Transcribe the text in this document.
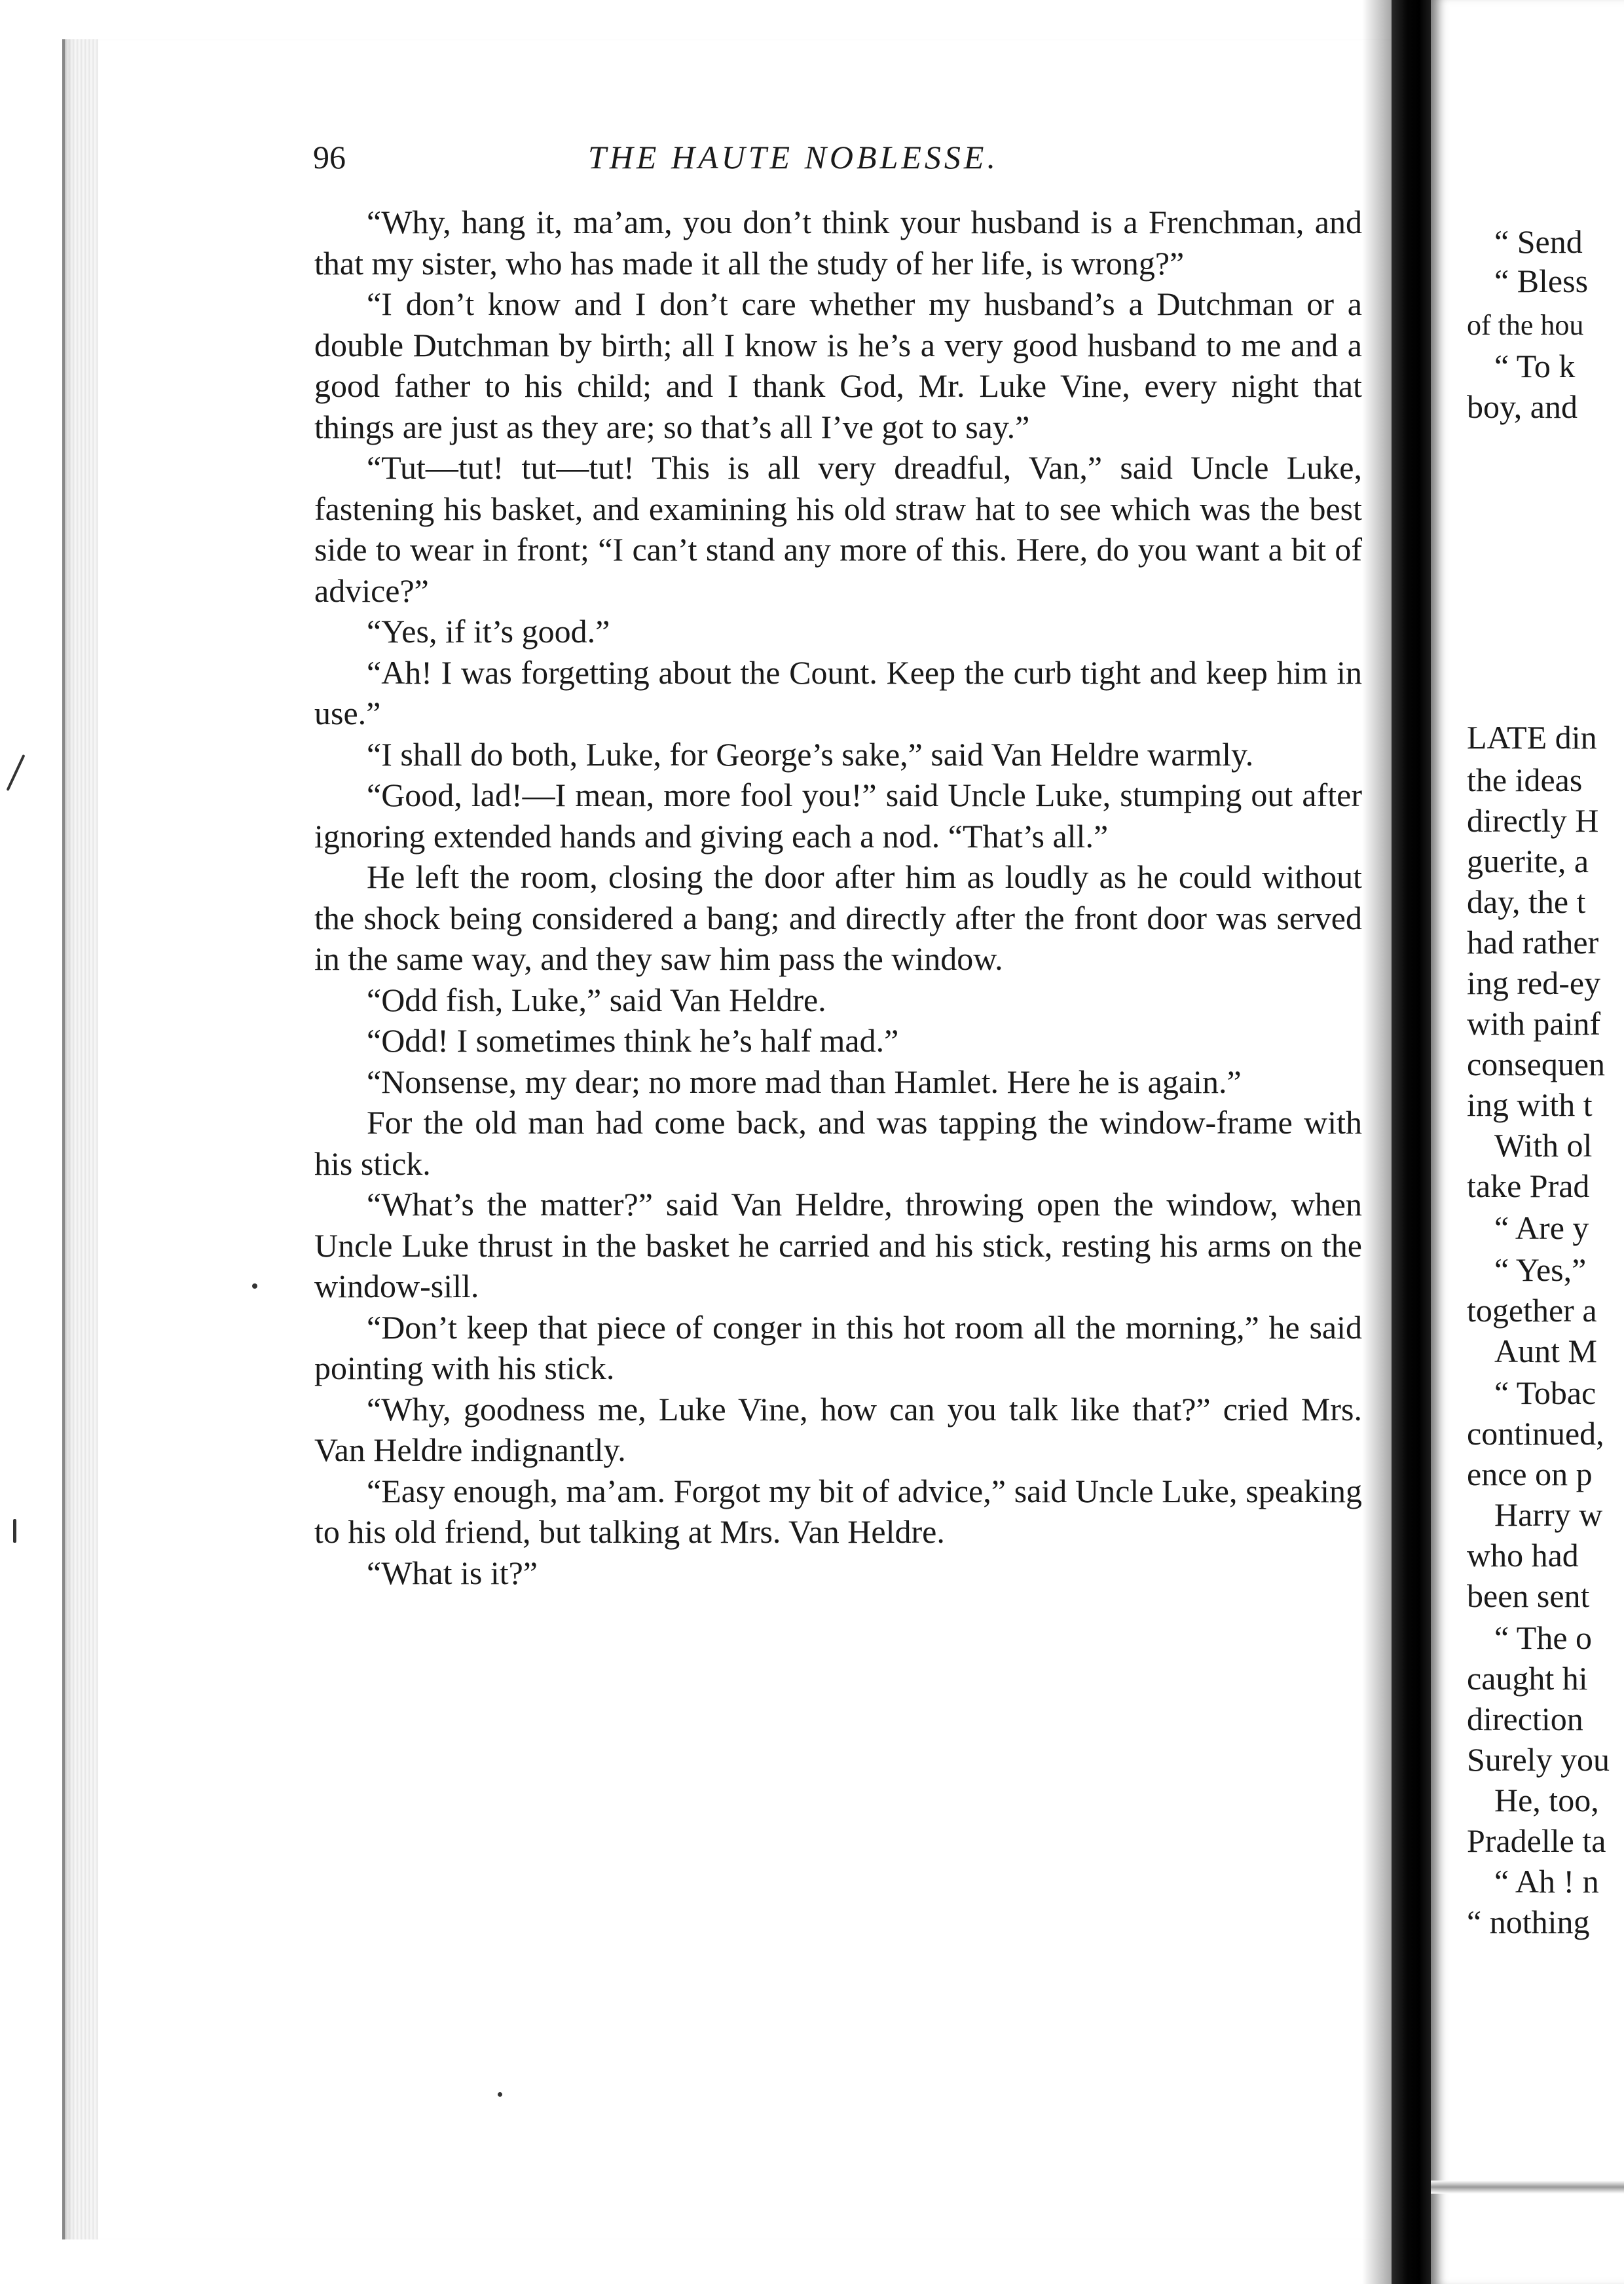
96	THE HAUTE NOBLESSE.

“Why, hang it, ma’am, you don’t think your husband is a Frenchman, and that my sister, who has made it all the study of her life, is wrong?”

“I don’t know and I don’t care whether my husband’s a Dutchman or a double Dutchman by birth; all I know is he’s a very good husband to me and a good father to his child; and I thank God, Mr. Luke Vine, every night that things are just as they are; so that’s all I’ve got to say.”

“Tut—tut! tut—tut! This is all very dreadful, Van,” said Uncle Luke, fastening his basket, and examining his old straw hat to see which was the best side to wear in front; “I can’t stand any more of this. Here, do you want a bit of advice?”

“Yes, if it’s good.”

“Ah! I was forgetting about the Count. Keep the curb tight and keep him in use.”

“I shall do both, Luke, for George’s sake,” said Van Heldre warmly.

“Good, lad!—I mean, more fool you!” said Uncle Luke, stumping out after ignoring extended hands and giving each a nod. “That’s all.”

He left the room, closing the door after him as loudly as he could without the shock being considered a bang; and directly after the front door was served in the same way, and they saw him pass the window.

“Odd fish, Luke,” said Van Heldre.

“Odd! I sometimes think he’s half mad.”

“Nonsense, my dear; no more mad than Hamlet. Here he is again.”

For the old man had come back, and was tapping the window-frame with his stick.

“What’s the matter?” said Van Heldre, throwing open the window, when Uncle Luke thrust in the basket he carried and his stick, resting his arms on the window-sill.

“Don’t keep that piece of conger in this hot room all the morning,” he said pointing with his stick.

“Why, goodness me, Luke Vine, how can you talk like that?” cried Mrs. Van Heldre indignantly.

“Easy enough, ma’am. Forgot my bit of advice,” said Uncle Luke, speaking to his old friend, but talking at Mrs. Van Heldre.

“What is it?”

“ Send
“ Bless
of the hou
“ To k
boy, and
LATE din
the ideas
directly H
guerite, a
day, the t
had rather
ing red-ey
with painf
consequen
ing with t
With ol
take Prad
“ Are y
“ Yes,”
together a
Aunt M
“ Tobac
continued,
ence on p
Harry w
who had
been sent
“ The o
caught hi
direction
Surely you
He, too,
Pradelle ta
“ Ah ! n
“ nothing
